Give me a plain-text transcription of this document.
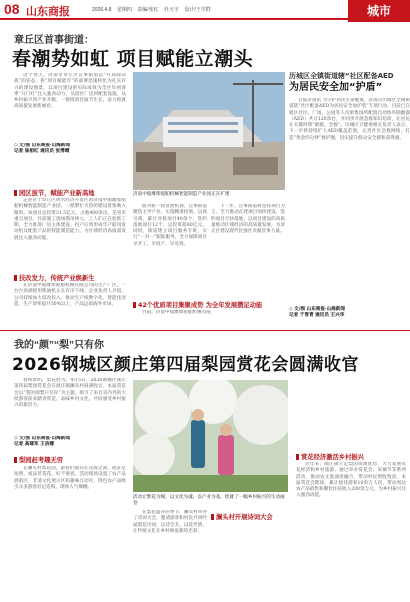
08 山东商报	2026.4.8 星期四 责编/张红 杜天宇 设计/王学群	城市
章丘区首事街道：
春潮势如虹 项目赋能立潮头

这个春天，济南市章丘区首事街道以“开局即决战”的姿态，将“项目赋能年”的部署迅速转化为扎实有力的建设图景。以项目建设的实际成效为全区年初春季“开门红”注入强劲动力。从园区厂房到配套设施，从乡村振兴到产业升级，一批批项目拔节生长，奋力绘就高质量发展新画卷。

◇ 文/图 山东商报·山海新闻
记者 崔相红 通讯员 张博晴
济南中船潍柴船舶机械智能制造产业园正在扩建
园区拔节，赋能产业新高地

走进位于章丘区明水经济开发区的济南中船潍柴船舶机械智能制造产业园，一派繁忙火热的建设景象映入眼帘。该项目总投资31.5亿元，占地400余亩，是省市重点项目。目前施工现场塔吊林立，工人们正在抢抓工期，全力推进厂房主体建设。投产后将形成年产船用发动机及配套产品的智能制造能力，为区域经济高质量发展注入强劲动能。

技改发力，传统产业焕新生

在济南中船潍柴船舶机械有限公司的生产厂区，一台台高端船用柴油机正在有序下线。企业负责人介绍，公司持续加大技改投入，推动生产线数字化、智能化改造，生产效率提升30%以上，产品远销海外市场。

面对新一轮发展机遇，首事街道聚焦主导产业，实施精准招商、以商引商，累计对接项目40余个，签约落地项目12个，总投资超80亿元。同时，街道建立项目服务专班，实行“一对一”跟踪服务，全力保障项目早开工、早投产、早见效。

下一步，首事街道将坚持项目为王，全力推动在建项目加快建设、签约项目尽快落地，以项目建设的高质量推动区域经济的高质量发展，为章丘区建设现代化强区贡献首事力量。

42个优质项目集聚成势 为全年发展攒足动能

目前，济南中船潍柴船舶机械有限

历城区全镇街道辖“社区配备AED
为居民安全加“护盾”

首报济南讯 为守护居民生命健康，济南市历城区全镇街道辖“社区配备AED为居民安全加护盾”专项行动，目前已在辖区社区、广场、公园等人员密集场所配置自动体外除颤器（AED）共计120余台，并同步开展急救知识培训，让居民在关键时刻“敢救、会救”。历城区卫健委相关负责人表示，下一步将持续扩大AED覆盖范围，完善社区急救网络，打造“黄金四分钟”救护圈，切实提升群众安全感和获得感。

◇ 文/图 山东商报·山海新闻
记者 于雪青 通讯员 王兴华
我的“颜”“梨”只有你
2026钢城区颜庄第四届梨园赏花会圆满收官

春和景明，梨花胜雪。4月5日，2026钢城区颜庄第四届梨园赏花会在颜庄镇澜头村圆满收官。本届赏花会以“我的颜梨只有你”为主题，吸引了来自省内外的大批游客前来踏青赏花、品味乡村文化，共同感受乡村振兴的新活力。

◇ 文/图 山东商报·山海新闻
记者 高建军 王洁娜
活动让繁花为媒，以文化为魂，以产业为基，绘就了一幅乡村振兴的生动画卷
梨园赶考趣无穷

在澜头村梨花园，游客们徜徉在花海之间，或驻足拍照，或品茗赏花，好不惬意。活动现场设置了农产品展销区、非遗文化展示区和趣味互动区，特色农产品吸引众多游客驻足选购，现场人气爆棚。

澜头村开展诗词大会

在梨花盛开的季节，澜头村举办了诗词大会，邀请游客和村民共同吟诵梨花诗词，以诗会友、以花传情，让传统文化在乡村焕发新的光彩。

赏花经济激活乡村振兴

近年来，颜庄镇立足梨园资源优势，大力发展赏花经济和乡村旅游，通过举办赏花会、采摘节等系列活动，推动农文旅深度融合，带动村民增收致富。本届赏花会期间，累计接待游客10余万人次，带动周边农产品销售和餐饮住宿收入200余万元，为乡村振兴注入强劲动能。
